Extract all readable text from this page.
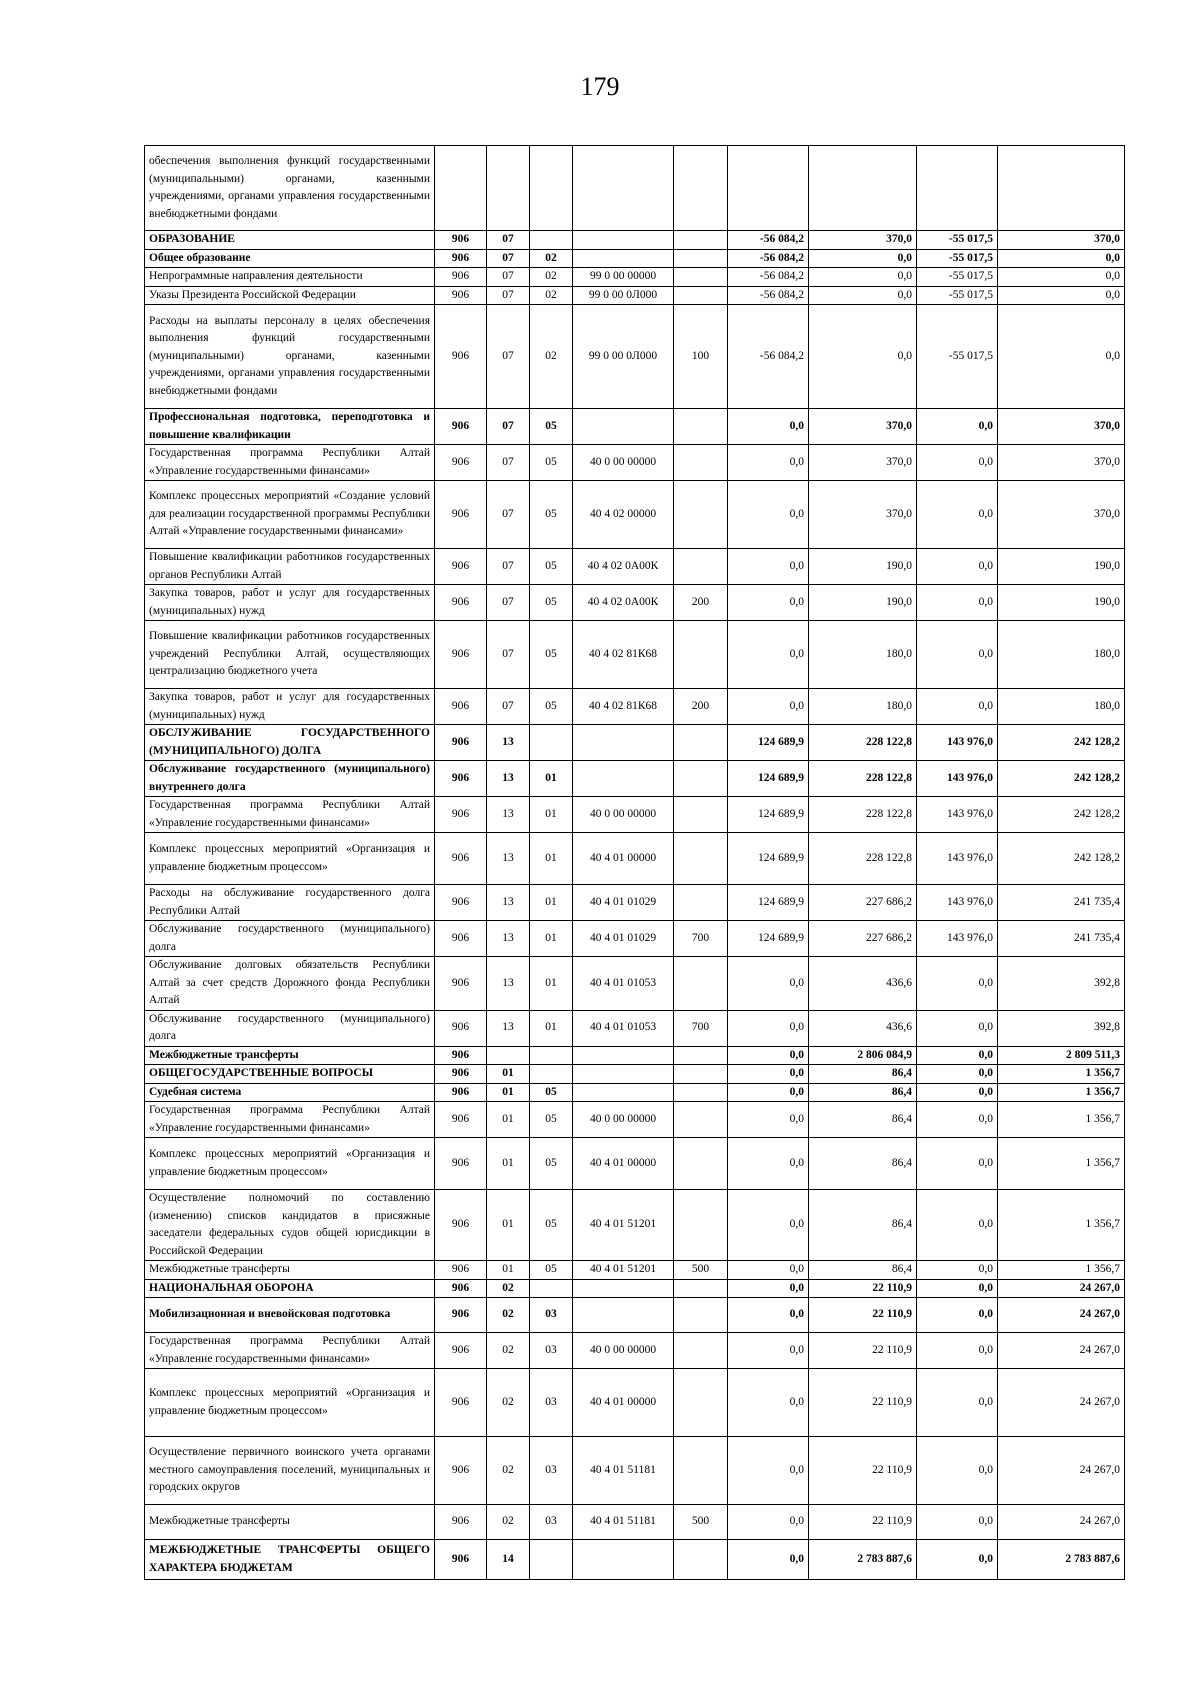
179
обеспечения выполнения функций государственными (муниципальными) органами, казенными учреждениями, органами управления государственными внебюджетными фондами									
ОБРАЗОВАНИЕ	906	07				-56 084,2	370,0	-55 017,5	370,0
Общее образование	906	07	02			-56 084,2	0,0	-55 017,5	0,0
Непрограммные направления деятельности	906	07	02	99 0 00 00000		-56 084,2	0,0	-55 017,5	0,0
Указы Президента Российской Федерации	906	07	02	99 0 00 0Л000		-56 084,2	0,0	-55 017,5	0,0
Расходы на выплаты персоналу в целях обеспечения выполнения функций государственными (муниципальными) органами, казенными учреждениями, органами управления государственными внебюджетными фондами	906	07	02	99 0 00 0Л000	100	-56 084,2	0,0	-55 017,5	0,0
Профессиональная подготовка, переподготовка и повышение квалификации	906	07	05			0,0	370,0	0,0	370,0
Государственная программа Республики Алтай «Управление государственными финансами»	906	07	05	40 0 00 00000		0,0	370,0	0,0	370,0
Комплекс процессных мероприятий «Создание условий для реализации государственной программы Республики Алтай «Управление государственными финансами»	906	07	05	40 4 02 00000		0,0	370,0	0,0	370,0
Повышение квалификации работников государственных органов Республики Алтай	906	07	05	40 4 02 0А00К		0,0	190,0	0,0	190,0
Закупка товаров, работ и услуг для государственных (муниципальных) нужд	906	07	05	40 4 02 0А00К	200	0,0	190,0	0,0	190,0
Повышение квалификации работников государственных учреждений Республики Алтай, осуществляющих централизацию бюджетного учета	906	07	05	40 4 02 81К68		0,0	180,0	0,0	180,0
Закупка товаров, работ и услуг для государственных (муниципальных) нужд	906	07	05	40 4 02 81К68	200	0,0	180,0	0,0	180,0
ОБСЛУЖИВАНИЕ ГОСУДАРСТВЕННОГО (МУНИЦИПАЛЬНОГО) ДОЛГА	906	13				124 689,9	228 122,8	143 976,0	242 128,2
Обслуживание государственного (муниципального) внутреннего долга	906	13	01			124 689,9	228 122,8	143 976,0	242 128,2
Государственная программа Республики Алтай «Управление государственными финансами»	906	13	01	40 0 00 00000		124 689,9	228 122,8	143 976,0	242 128,2
Комплекс процессных мероприятий «Организация и управление бюджетным процессом»	906	13	01	40 4 01 00000		124 689,9	228 122,8	143 976,0	242 128,2
Расходы на обслуживание государственного долга Республики Алтай	906	13	01	40 4 01 01029		124 689,9	227 686,2	143 976,0	241 735,4
Обслуживание государственного (муниципального) долга	906	13	01	40 4 01 01029	700	124 689,9	227 686,2	143 976,0	241 735,4
Обслуживание долговых обязательств Республики Алтай за счет средств Дорожного фонда Республики Алтай	906	13	01	40 4 01 01053		0,0	436,6	0,0	392,8
Обслуживание государственного (муниципального) долга	906	13	01	40 4 01 01053	700	0,0	436,6	0,0	392,8
Межбюджетные трансферты	906					0,0	2 806 084,9	0,0	2 809 511,3
ОБЩЕГОСУДАРСТВЕННЫЕ ВОПРОСЫ	906	01				0,0	86,4	0,0	1 356,7
Судебная система	906	01	05			0,0	86,4	0,0	1 356,7
Государственная программа Республики Алтай «Управление государственными финансами»	906	01	05	40 0 00 00000		0,0	86,4	0,0	1 356,7
Комплекс процессных мероприятий «Организация и управление бюджетным процессом»	906	01	05	40 4 01 00000		0,0	86,4	0,0	1 356,7
Осуществление полномочий по составлению (изменению) списков кандидатов в присяжные заседатели федеральных судов общей юрисдикции в Российской Федерации	906	01	05	40 4 01 51201		0,0	86,4	0,0	1 356,7
Межбюджетные трансферты	906	01	05	40 4 01 51201	500	0,0	86,4	0,0	1 356,7
НАЦИОНАЛЬНАЯ ОБОРОНА	906	02				0,0	22 110,9	0,0	24 267,0
Мобилизационная и вневойсковая подготовка	906	02	03			0,0	22 110,9	0,0	24 267,0
Государственная программа Республики Алтай «Управление государственными финансами»	906	02	03	40 0 00 00000		0,0	22 110,9	0,0	24 267,0
Комплекс процессных мероприятий «Организация и управление бюджетным процессом»	906	02	03	40 4 01 00000		0,0	22 110,9	0,0	24 267,0
Осуществление первичного воинского учета органами местного самоуправления поселений, муниципальных и городских округов	906	02	03	40 4 01 51181		0,0	22 110,9	0,0	24 267,0
Межбюджетные трансферты	906	02	03	40 4 01 51181	500	0,0	22 110,9	0,0	24 267,0
МЕЖБЮДЖЕТНЫЕ ТРАНСФЕРТЫ ОБЩЕГО ХАРАКТЕРА БЮДЖЕТАМ	906	14				0,0	2 783 887,6	0,0	2 783 887,6
